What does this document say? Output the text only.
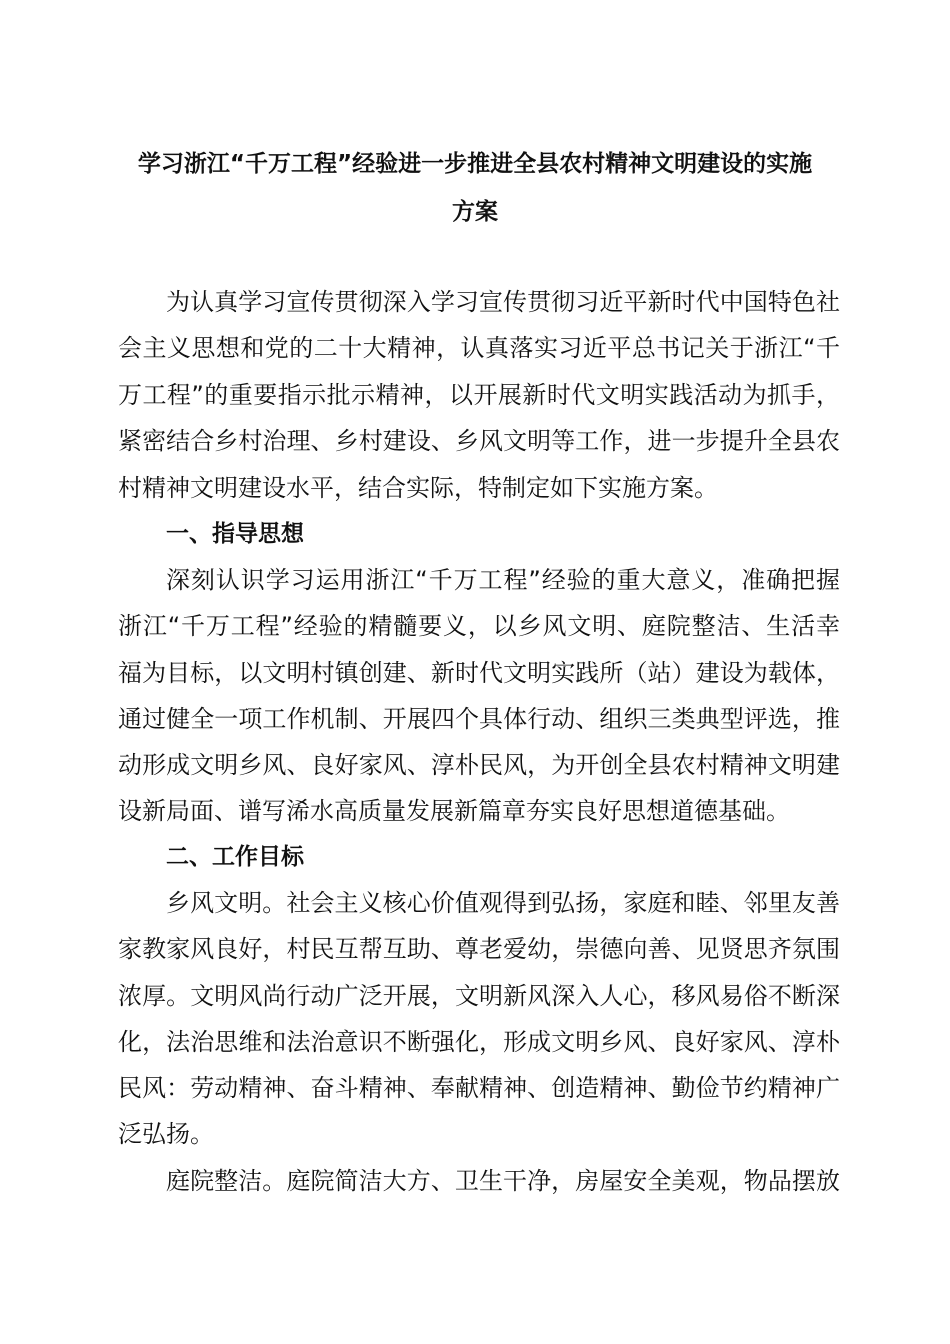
学习浙江“千万工程”经验进一步推进全县农村精神文明建设的实施
方案
为认真学习宣传贯彻深入学习宣传贯彻习近平新时代中国特色社
会主义思想和党的二十大精神，认真落实习近平总书记关于浙江“千
万工程”的重要指示批示精神，以开展新时代文明实践活动为抓手，
紧密结合乡村治理、乡村建设、乡风文明等工作，进一步提升全县农
村精神文明建设水平，结合实际，特制定如下实施方案。
一、指导思想
深刻认识学习运用浙江“千万工程”经验的重大意义，准确把握
浙江“千万工程”经验的精髓要义，以乡风文明、庭院整洁、生活幸
福为目标，以文明村镇创建、新时代文明实践所（站）建设为载体，
通过健全一项工作机制、开展四个具体行动、组织三类典型评选，推
动形成文明乡风、良好家风、淳朴民风，为开创全县农村精神文明建
设新局面、谱写浠水高质量发展新篇章夯实良好思想道德基础。
二、工作目标
乡风文明。社会主义核心价值观得到弘扬，家庭和睦、邻里友善
家教家风良好，村民互帮互助、尊老爱幼，崇德向善、见贤思齐氛围
浓厚。文明风尚行动广泛开展，文明新风深入人心，移风易俗不断深
化，法治思维和法治意识不断强化，形成文明乡风、良好家风、淳朴
民风：劳动精神、奋斗精神、奉献精神、创造精神、勤俭节约精神广
泛弘扬。
庭院整洁。庭院简洁大方、卫生干净，房屋安全美观，物品摆放
